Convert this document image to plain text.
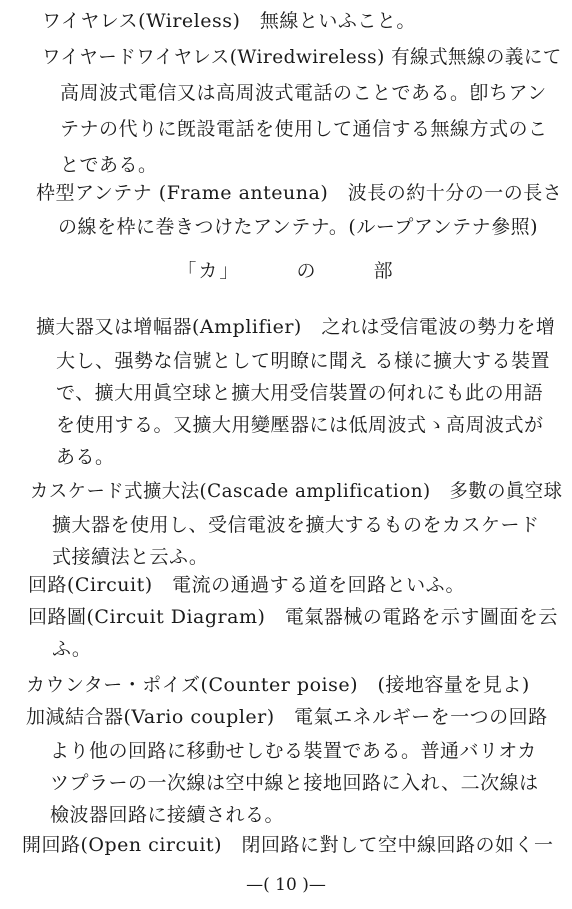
ワイヤレス(Wireless)　無線といふこと。
ワイヤードワイヤレス(Wiredwireless) 有線式無線の義にて
高周波式電信又は高周波式電話のことである。卽ちアン
テナの代りに旣設電話を使用して通信する無線方式のこ
とである。
枠型アンテナ (Frame anteuna)　波長の約十分の一の長さ
の線を枠に巻きつけたアンテナ。(ループアンテナ參照)
「カ」	の	部
擴大器又は增幅器(Amplifier)　之れは受信電波の勢力を增
大し、强勢な信號として明瞭に聞え る様に擴大する裝置
で、擴大用眞空球と擴大用受信裝置の何れにも此の用語
を使用する。又擴大用變壓器には低周波式ゝ高周波式が
ある。
カスケード式擴大法(Cascade amplification)　多數の眞空球
擴大器を使用し、受信電波を擴大するものをカスケード
式接續法と云ふ。
回路(Circuit)　電流の通過する道を回路といふ。
回路圖(Circuit Diagram)　電氣器械の電路を示す圖面を云
ふ。
カウンター・ポイズ(Counter poise)　(接地容量を見よ)
加減結合器(Vario coupler)　電氣エネルギーを一つの回路
より他の回路に移動せしむる裝置である。普通バリオカ
ツプラーの一次線は空中線と接地回路に入れ、二次線は
檢波器回路に接續される。
開回路(Open circuit)　閉回路に對して空中線回路の如く一
—( 10 )—
